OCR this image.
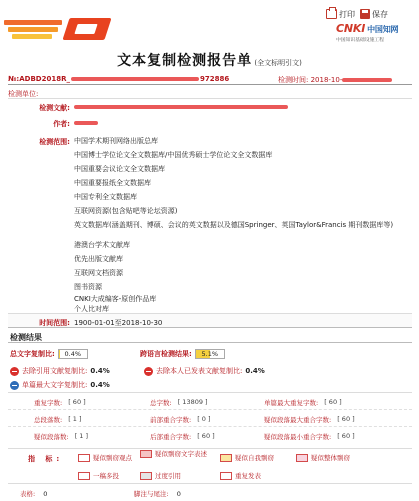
打印 保存
CNKI 中国知网
中国知识基础设施工程
文本复制检测报告单 (全文标明引文)
№:ADBD2018R_	972886	检测时间: 2018-10-
检测单位:
检测文献:
作者:
检测范围: 中国学术期刊网络出版总库
中国博士学位论文全文数据库/中国优秀硕士学位论文全文数据库
中国重要会议论文全文数据库
中国重要报纸全文数据库
中国专利全文数据库
互联网资源(包含贴吧等论坛资源)
英文数据库(涵盖期刊、博硕、会议的英文数据以及德国Springer、英国Taylor&Francis 期刊数据库等)
港澳台学术文献库
优先出版文献库
互联网文档资源
图书资源
CNKI大成编客-原创作品库
个人比对库
时间范围: 1900-01-01至2018-10-30
检测结果
总文字复制比:	0.4%	跨语言检测结果:	5.1%
去除引用文献复制比: 0.4%	去除本人已发表文献复制比: 0.4%
单篇最大文字复制比: 0.4%
重复字数: [ 60 ]	总字数: [ 13809 ]	单篇最大重复字数: [ 60 ]
总段落数: [ 1 ]	前部重合字数: [ 0 ]	疑似段落最大重合字数: [ 60 ]
疑似段落数: [ 1 ]	后部重合字数: [ 60 ]	疑似段落最小重合字数: [ 60 ]
指 标:	疑似剽窃观点	疑似剽窃文字表述	疑似自我剽窃	疑似整体剽窃
一稿多投	过度引用	重复发表
表格: 0	脚注与尾注: 0
